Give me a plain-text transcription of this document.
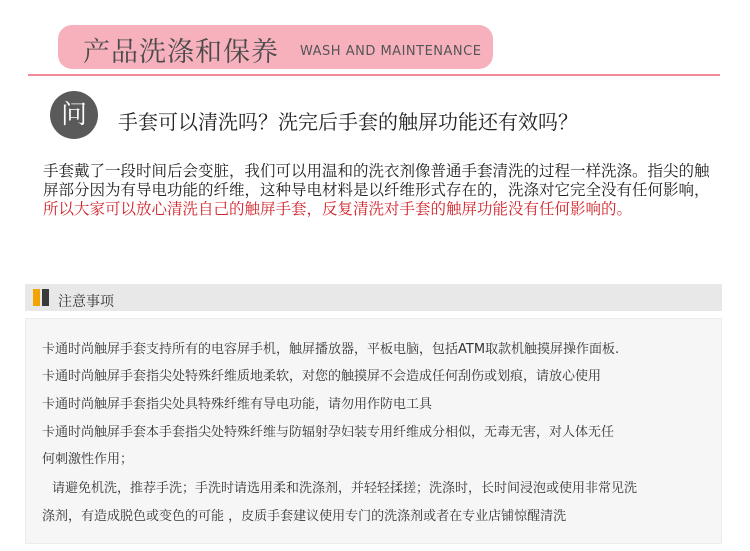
产品洗涤和保养 WASH AND MAINTENANCE
问	手套可以清洗吗？洗完后手套的触屏功能还有效吗？
手套戴了一段时间后会变脏，我们可以用温和的洗衣剂像普通手套清洗的过程一样洗涤。指尖的触屏部分因为有导电功能的纤维，这种导电材料是以纤维形式存在的，洗涤对它完全没有任何影响，所以大家可以放心清洗自己的触屏手套，反复清洗对手套的触屏功能没有任何影响的。
注意事项
卡通时尚触屏手套支持所有的电容屏手机，触屏播放器，平板电脑，包括ATM取款机触摸屏操作面板.
卡通时尚触屏手套指尖处特殊纤维质地柔软，对您的触摸屏不会造成任何刮伤或划痕，请放心使用
卡通时尚触屏手套指尖处具特殊纤维有导电功能，请勿用作防电工具
卡通时尚触屏手套本手套指尖处特殊纤维与防辐射孕妇装专用纤维成分相似，无毒无害，对人体无任
何刺激性作用；
请避免机洗，推荐手洗；手洗时请选用柔和洗涤剂，并轻轻揉搓；洗涤时，长时间浸泡或使用非常见洗
涤剂，有造成脱色或变色的可能 ，皮质手套建议使用专门的洗涤剂或者在专业店铺惊醒清洗
